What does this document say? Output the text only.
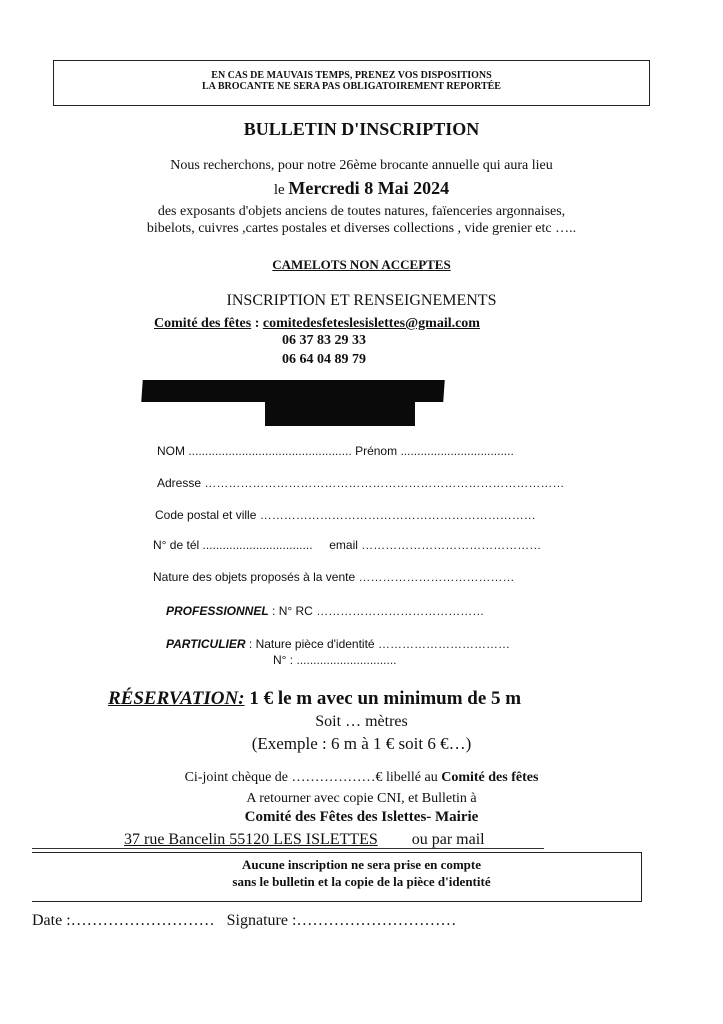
EN CAS DE MAUVAIS TEMPS, PRENEZ VOS DISPOSITIONS
LA BROCANTE NE SERA PAS OBLIGATOIREMENT REPORTÉE
BULLETIN D'INSCRIPTION
Nous recherchons, pour notre 26ème brocante annuelle qui aura lieu
le Mercredi 8 Mai 2024
des exposants d'objets anciens de toutes natures, faïenceries argonnaises,
bibelots, cuivres ,cartes postales et diverses collections , vide grenier etc …..
CAMELOTS NON ACCEPTES
INSCRIPTION ET RENSEIGNEMENTS
Comité des fêtes : comitedesfeteslesislettes@gmail.com
06 37 83 29 33
06 64 04 89 79
NOM ................................................. Prénom ..................................
Adresse ………………………………………………………………………………
Code postal et ville ……………………………………………………………
N° de tél ................................. email ………………………………………
Nature des objets proposés à la vente …………………………………
PROFESSIONNEL : N° RC ……………………………………
PARTICULIER : Nature pièce d'identité ……………………………
N° : ..............................
RÉSERVATION: 1 € le m avec un minimum de 5 m
Soit … mètres
(Exemple : 6 m à 1 € soit 6 €…)
Ci-joint chèque de ………………€ libellé au Comité des fêtes
A retourner avec copie CNI, et Bulletin à
Comité des Fêtes des Islettes- Mairie
37 rue Bancelin 55120 LES ISLETTES ou par mail
Aucune inscription ne sera prise en compte
sans le bulletin et la copie de la pièce d'identité
Date :……………………… Signature :…………………………
